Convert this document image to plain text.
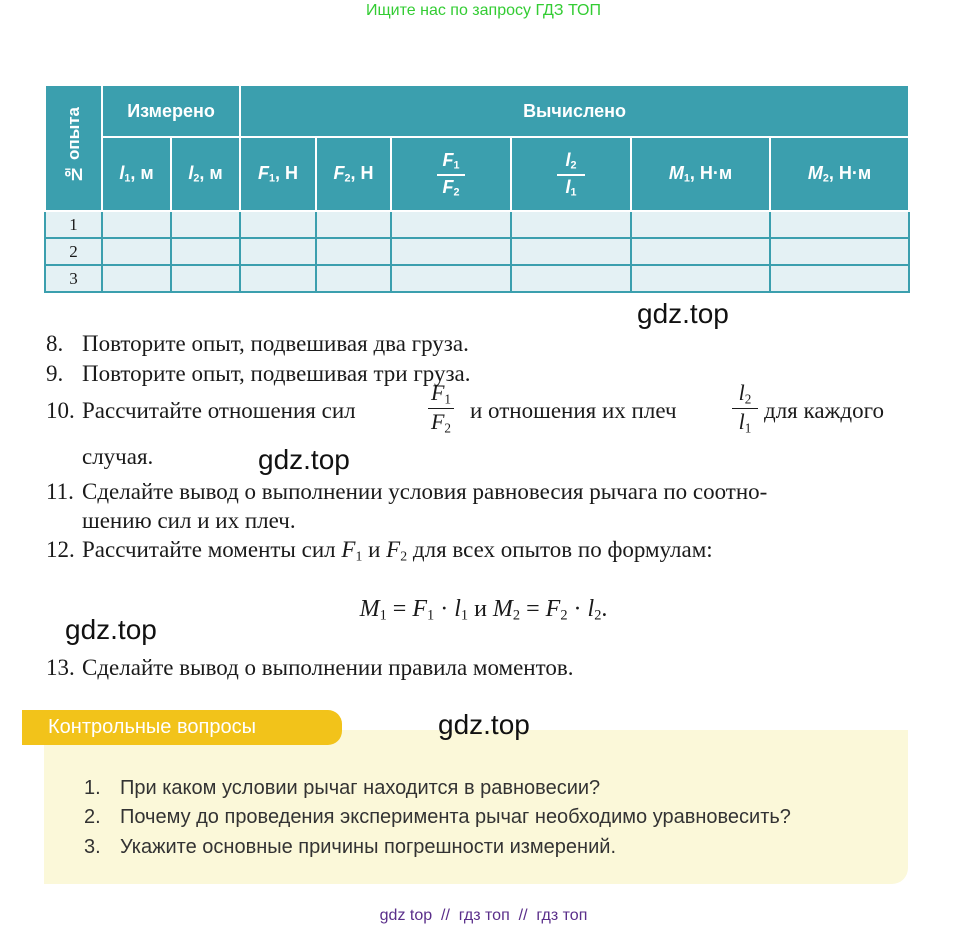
Ищите нас по запросу ГДЗ ТОП
№ опыта	Измерено		Вычислено					
	$l_1$, м	$l_2$, м	$F_1$, Н	$F_2$, Н	$\frac{F_1}{F_2}$	$\frac{l_2}{l_1}$	$M_1$, Н·м	$M_2$, Н·м
1								
2								
3								
gdz.top
8. Повторите опыт, подвешивая два груза.
9. Повторите опыт, подвешивая три груза.
10. Рассчитайте отношения сил
$F_1$
$F_2$
и отношения их плеч
$l_2$
$l_1$
для каждого
случая.	gdz.top
11. Сделайте вывод о выполнении условия равновесия рычага по соотно-
шению сил и их плеч.
12. Рассчитайте моменты сил $F_1$ и $F_2$ для всех опытов по формулам:
$M_1 = F_1 \cdot l_1$ и $M_2 = F_2 \cdot l_2$.
gdz.top
13. Сделайте вывод о выполнении правила моментов.
Контрольные вопросы	gdz.top
1. При каком условии рычаг находится в равновесии?
2. Почему до проведения эксперимента рычаг необходимо уравновесить?
3. Укажите основные причины погрешности измерений.
gdz top  //  гдз топ  //  гдз топ
